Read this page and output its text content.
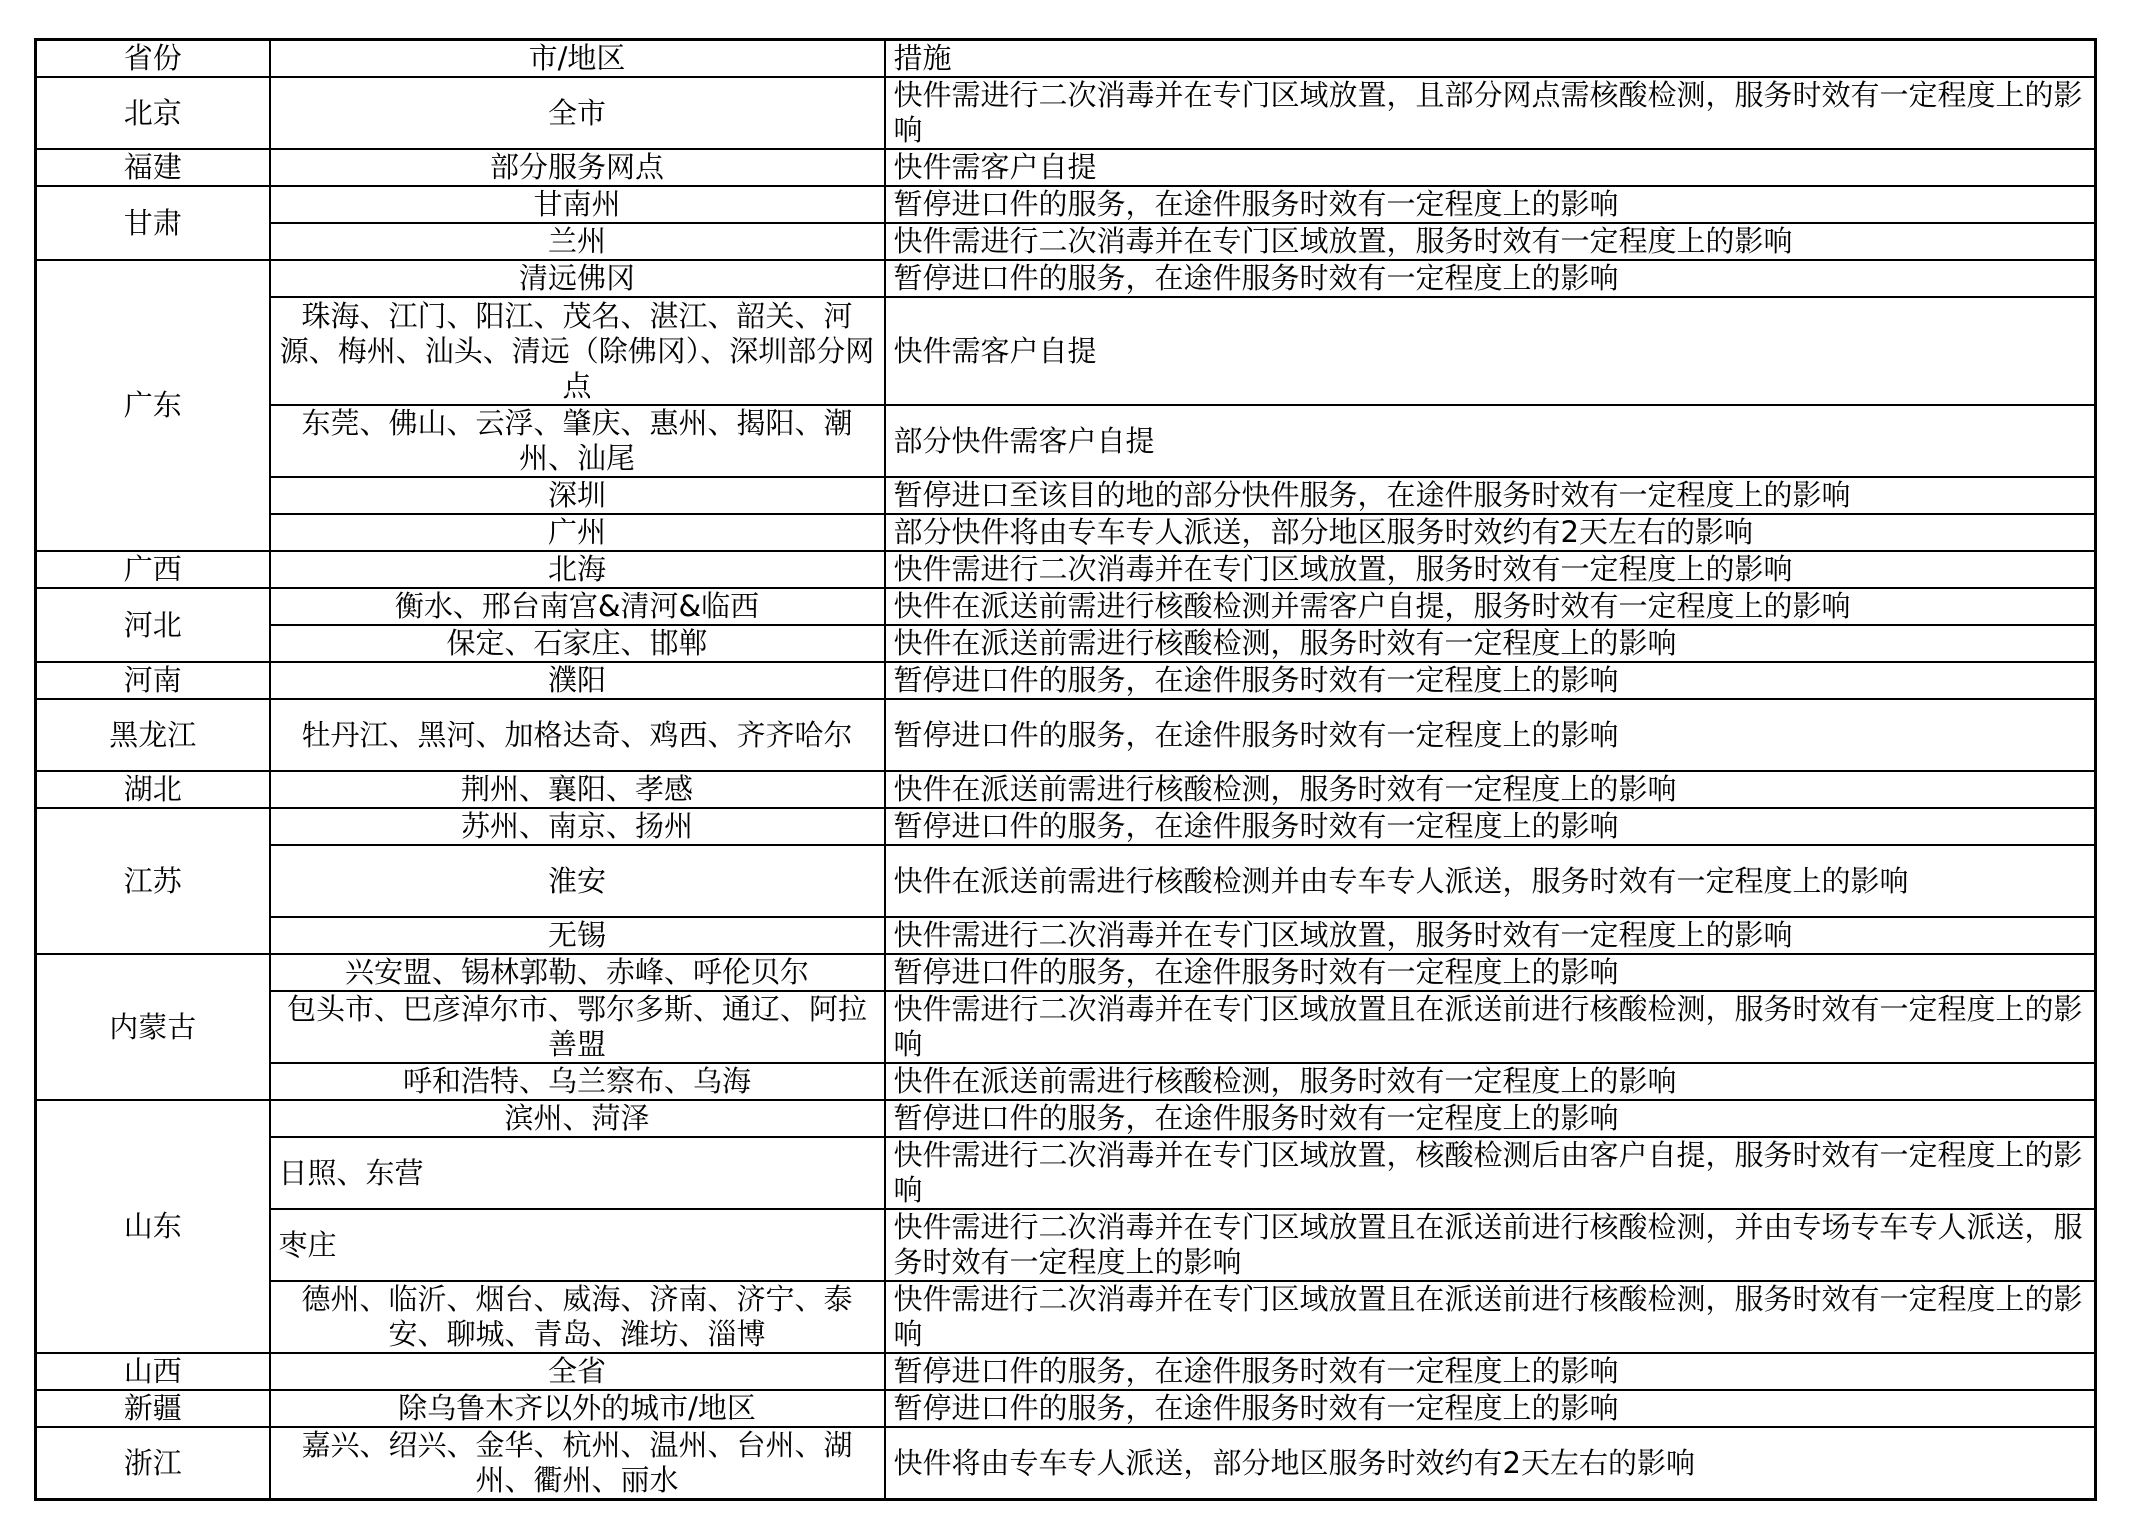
省份	市/地区	措施
北京	全市	快件需进行二次消毒并在专门区域放置，且部分网点需核酸检测，服务时效有一定程度上的影响
福建	部分服务网点	快件需客户自提
甘肃	甘南州	暂停进口件的服务，在途件服务时效有一定程度上的影响
	兰州	快件需进行二次消毒并在专门区域放置，服务时效有一定程度上的影响
广东	清远佛冈	暂停进口件的服务，在途件服务时效有一定程度上的影响
	珠海、江门、阳江、茂名、湛江、韶关、河源、梅州、汕头、清远（除佛冈）、深圳部分网点	快件需客户自提
	东莞、佛山、云浮、肇庆、惠州、揭阳、潮州、汕尾	部分快件需客户自提
	深圳	暂停进口至该目的地的部分快件服务，在途件服务时效有一定程度上的影响
	广州	部分快件将由专车专人派送，部分地区服务时效约有2天左右的影响
广西	北海	快件需进行二次消毒并在专门区域放置，服务时效有一定程度上的影响
河北	衡水、邢台南宫&清河&临西	快件在派送前需进行核酸检测并需客户自提，服务时效有一定程度上的影响
	保定、石家庄、邯郸	快件在派送前需进行核酸检测，服务时效有一定程度上的影响
河南	濮阳	暂停进口件的服务，在途件服务时效有一定程度上的影响
黑龙江	牡丹江、黑河、加格达奇、鸡西、齐齐哈尔	暂停进口件的服务，在途件服务时效有一定程度上的影响
湖北	荆州、襄阳、孝感	快件在派送前需进行核酸检测，服务时效有一定程度上的影响
江苏	苏州、南京、扬州	暂停进口件的服务，在途件服务时效有一定程度上的影响
	淮安	快件在派送前需进行核酸检测并由专车专人派送，服务时效有一定程度上的影响
	无锡	快件需进行二次消毒并在专门区域放置，服务时效有一定程度上的影响
内蒙古	兴安盟、锡林郭勒、赤峰、呼伦贝尔	暂停进口件的服务，在途件服务时效有一定程度上的影响
	包头市、巴彦淖尔市、鄂尔多斯、通辽、阿拉善盟	快件需进行二次消毒并在专门区域放置且在派送前进行核酸检测，服务时效有一定程度上的影响
	呼和浩特、乌兰察布、乌海	快件在派送前需进行核酸检测，服务时效有一定程度上的影响
山东	滨州、菏泽	暂停进口件的服务，在途件服务时效有一定程度上的影响
	日照、东营	快件需进行二次消毒并在专门区域放置，核酸检测后由客户自提，服务时效有一定程度上的影响
	枣庄	快件需进行二次消毒并在专门区域放置且在派送前进行核酸检测，并由专场专车专人派送，服务时效有一定程度上的影响
	德州、临沂、烟台、威海、济南、济宁、泰安、聊城、青岛、潍坊、淄博	快件需进行二次消毒并在专门区域放置且在派送前进行核酸检测，服务时效有一定程度上的影响
山西	全省	暂停进口件的服务，在途件服务时效有一定程度上的影响
新疆	除乌鲁木齐以外的城市/地区	暂停进口件的服务，在途件服务时效有一定程度上的影响
浙江	嘉兴、绍兴、金华、杭州、温州、台州、湖州、衢州、丽水	快件将由专车专人派送，部分地区服务时效约有2天左右的影响
